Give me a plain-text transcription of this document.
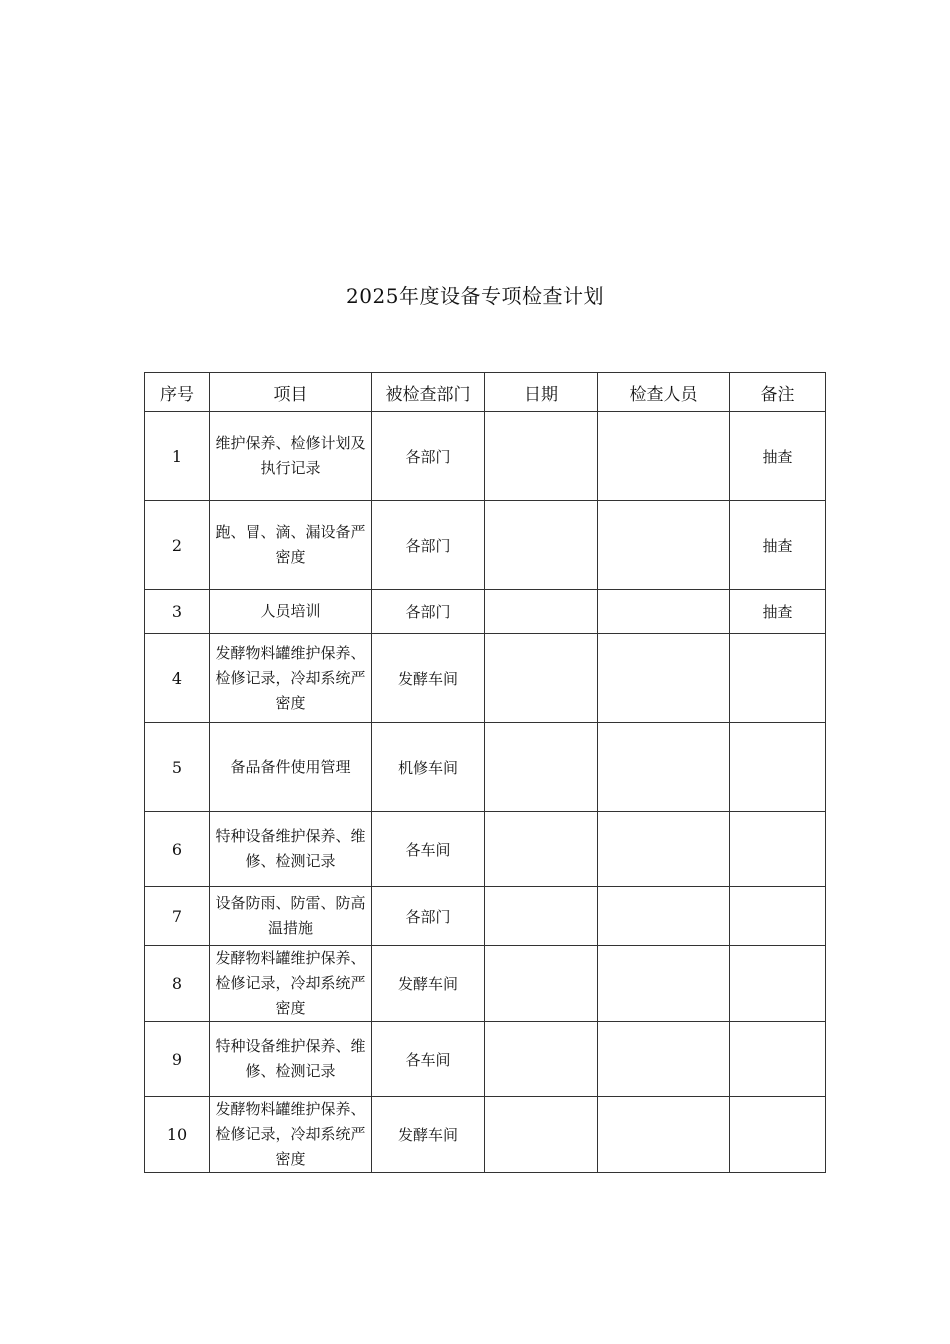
2025年度设备专项检查计划
序号	项目	被检查部门	日期	检查人员	备注
1	维护保养、检修计划及执行记录	各部门			抽查
2	跑、冒、滴、漏设备严密度	各部门			抽查
3	人员培训	各部门			抽查
4	发酵物料罐维护保养、检修记录，冷却系统严密度	发酵车间			
5	备品备件使用管理	机修车间			
6	特种设备维护保养、维修、检测记录	各车间			
7	设备防雨、防雷、防高温措施	各部门			
8	发酵物料罐维护保养、检修记录，冷却系统严密度	发酵车间			
9	特种设备维护保养、维修、检测记录	各车间			
10	发酵物料罐维护保养、检修记录，冷却系统严密度	发酵车间			
